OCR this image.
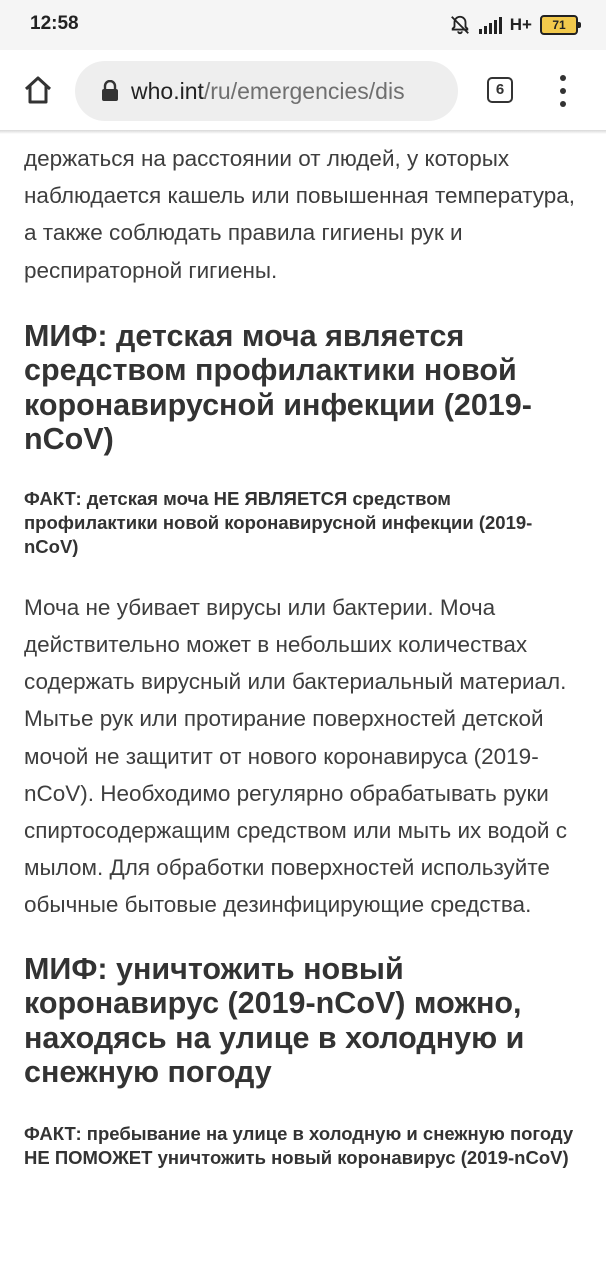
12:58	H+	71
who.int/ru/emergencies/dis	6

держаться на расстоянии от людей, у которых наблюдается кашель или повышенная температура, а также соблюдать правила гигиены рук и респираторной гигиены.

МИФ: детская моча является средством профилактики новой коронавирусной инфекции (2019-nCoV)

ФАКТ: детская моча НЕ ЯВЛЯЕТСЯ средством профилактики новой коронавирусной инфекции (2019-nCoV)

Моча не убивает вирусы или бактерии. Моча действительно может в небольших количествах содержать вирусный или бактериальный материал. Мытье рук или протирание поверхностей детской мочой не защитит от нового коронавируса (2019-nCoV). Необходимо регулярно обрабатывать руки спиртосодержащим средством или мыть их водой с мылом. Для обработки поверхностей используйте обычные бытовые дезинфицирующие средства.

МИФ: уничтожить новый коронавирус (2019-nCoV) можно, находясь на улице в холодную и снежную погоду

ФАКТ: пребывание на улице в холодную и снежную погоду НЕ ПОМОЖЕТ уничтожить новый коронавирус (2019-nCoV)
